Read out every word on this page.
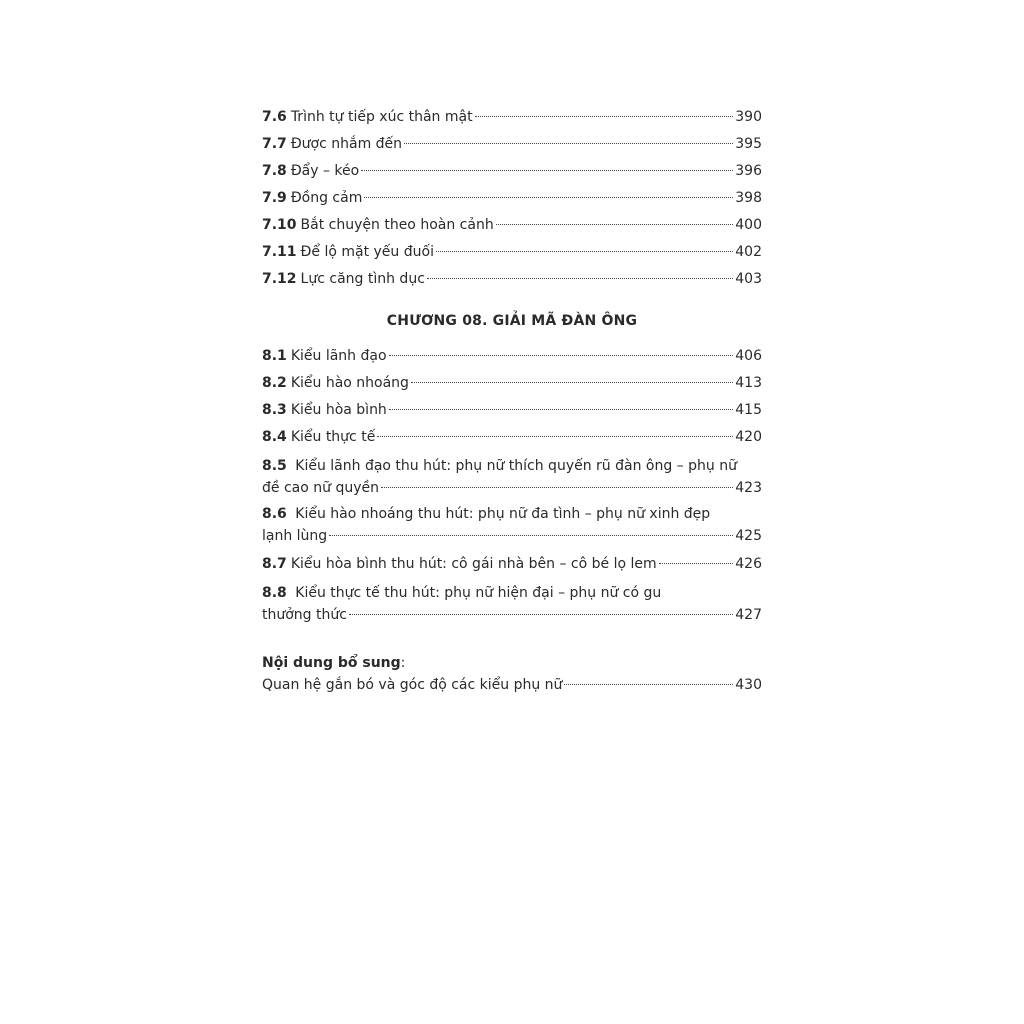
7.6 Trình tự tiếp xúc thân mật	390
7.7 Được nhắm đến	395
7.8 Đẩy – kéo	396
7.9 Đồng cảm	398
7.10 Bắt chuyện theo hoàn cảnh	400
7.11 Để lộ mặt yếu đuối	402
7.12 Lực căng tình dục	403
CHƯƠNG 08. GIẢI MÃ ĐÀN ÔNG
8.1 Kiểu lãnh đạo	406
8.2 Kiểu hào nhoáng	413
8.3 Kiểu hòa bình	415
8.4 Kiểu thực tế	420
8.5 Kiểu lãnh đạo thu hút: phụ nữ thích quyến rũ đàn ông – phụ nữ
đề cao nữ quyền	423
8.6 Kiểu hào nhoáng thu hút: phụ nữ đa tình – phụ nữ xinh đẹp
lạnh lùng	425
8.7 Kiểu hòa bình thu hút: cô gái nhà bên – cô bé lọ lem	426
8.8 Kiểu thực tế thu hút: phụ nữ hiện đại – phụ nữ có gu
thưởng thức	427
Nội dung bổ sung:
Quan hệ gắn bó và góc độ các kiểu phụ nữ	430
